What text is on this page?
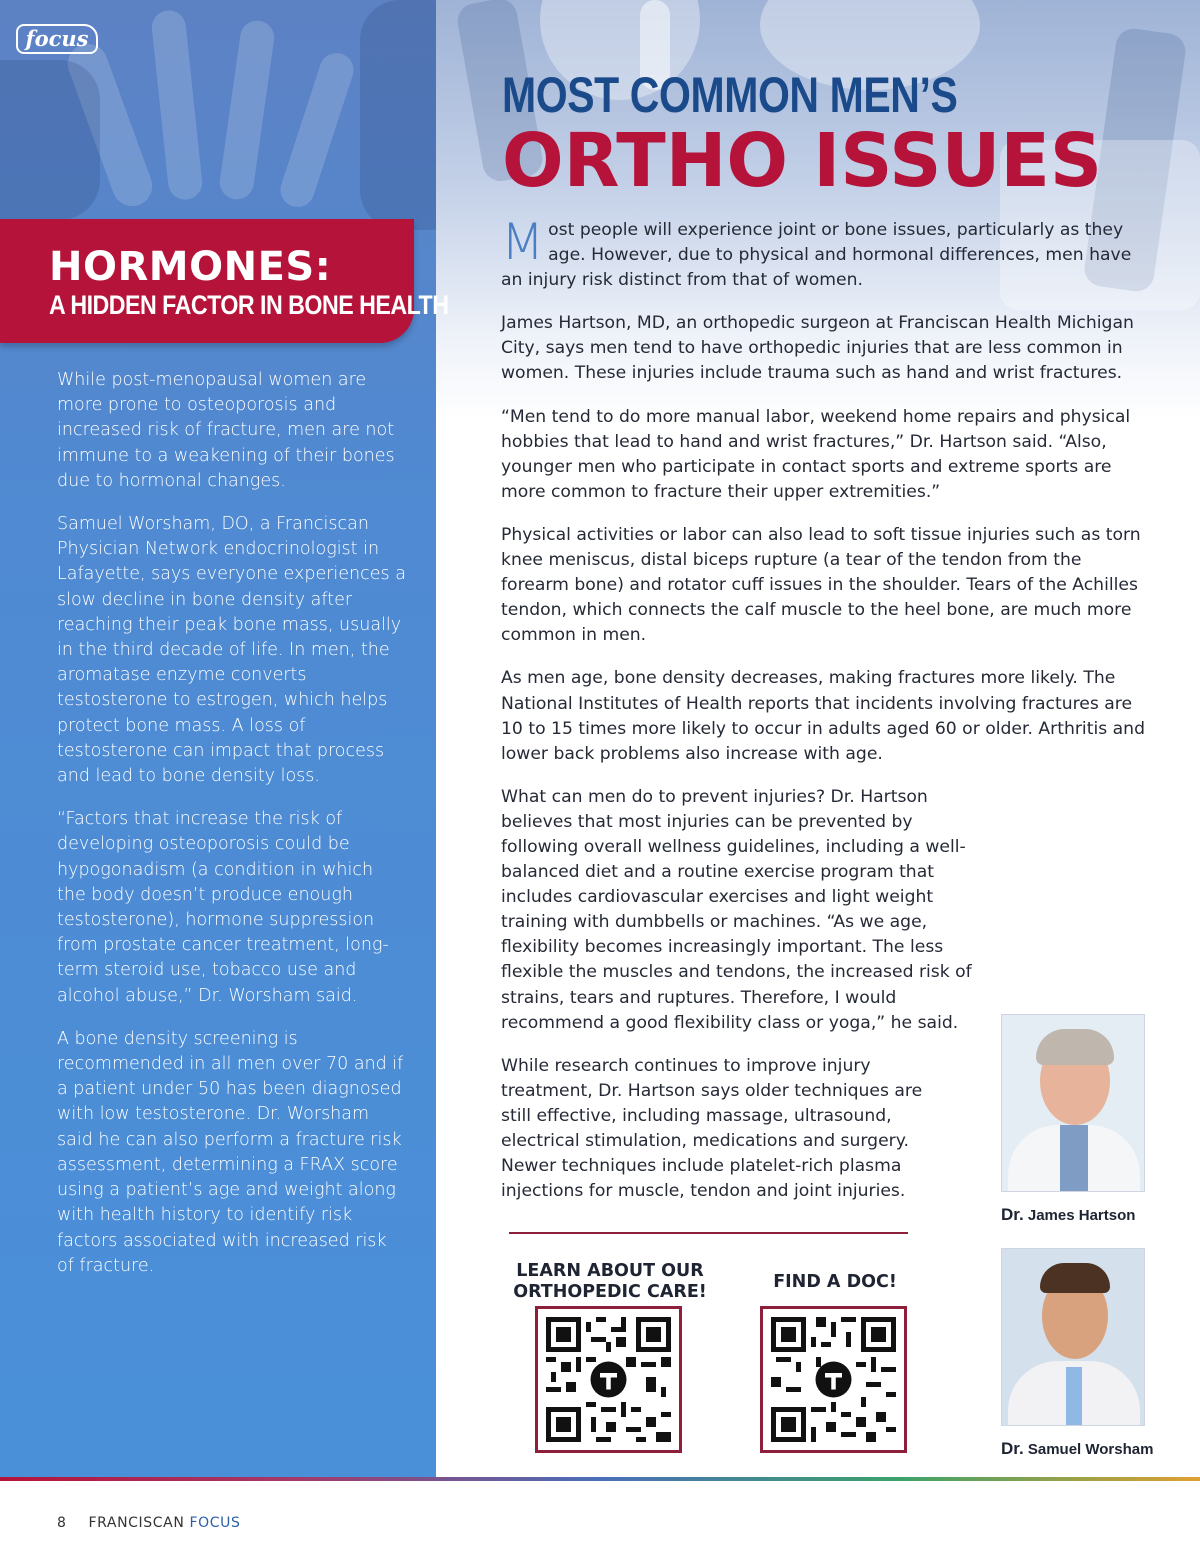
focus
HORMONES:
A HIDDEN FACTOR IN BONE HEALTH

While post-menopausal women are more prone to osteoporosis and increased risk of fracture, men are not immune to a weakening of their bones due to hormonal changes.

Samuel Worsham, DO, a Franciscan Physician Network endocrinologist in Lafayette, says everyone experiences a slow decline in bone density after reaching their peak bone mass, usually in the third decade of life. In men, the aromatase enzyme converts testosterone to estrogen, which helps protect bone mass. A loss of testosterone can impact that process and lead to bone density loss.

“Factors that increase the risk of developing osteoporosis could be hypogonadism (a condition in which the body doesn’t produce enough testosterone), hormone suppression from prostate cancer treatment, long-term steroid use, tobacco use and alcohol abuse,” Dr. Worsham said.

A bone density screening is recommended in all men over 70 and if a patient under 50 has been diagnosed with low testosterone. Dr. Worsham said he can also perform a fracture risk assessment, determining a FRAX score using a patient’s age and weight along with health history to identify risk factors associated with increased risk of fracture.

MOST COMMON MEN’S
ORTHO ISSUES

Most people will experience joint or bone issues, particularly as they age. However, due to physical and hormonal differences, men have an injury risk distinct from that of women.

James Hartson, MD, an orthopedic surgeon at Franciscan Health Michigan City, says men tend to have orthopedic injuries that are less common in women. These injuries include trauma such as hand and wrist fractures.

“Men tend to do more manual labor, weekend home repairs and physical hobbies that lead to hand and wrist fractures,” Dr. Hartson said. “Also, younger men who participate in contact sports and extreme sports are more common to fracture their upper extremities.”

Physical activities or labor can also lead to soft tissue injuries such as torn knee meniscus, distal biceps rupture (a tear of the tendon from the forearm bone) and rotator cuff issues in the shoulder. Tears of the Achilles tendon, which connects the calf muscle to the heel bone, are much more common in men.

As men age, bone density decreases, making fractures more likely. The National Institutes of Health reports that incidents involving fractures are 10 to 15 times more likely to occur in adults aged 60 or older. Arthritis and lower back problems also increase with age.

What can men do to prevent injuries? Dr. Hartson believes that most injuries can be prevented by following overall wellness guidelines, including a well-balanced diet and a routine exercise program that includes cardiovascular exercises and light weight training with dumbbells or machines. “As we age, flexibility becomes increasingly important. The less flexible the muscles and tendons, the increased risk of strains, tears and ruptures. Therefore, I would recommend a good flexibility class or yoga,” he said.

While research continues to improve injury treatment, Dr. Hartson says older techniques are still effective, including massage, ultrasound, electrical stimulation, medications and surgery. Newer techniques include platelet-rich plasma injections for muscle, tendon and joint injuries.

Dr. James Hartson
Dr. Samuel Worsham
LEARN ABOUT OUR
ORTHOPEDIC CARE!	FIND A DOC!
8 FRANCISCAN FOCUS
